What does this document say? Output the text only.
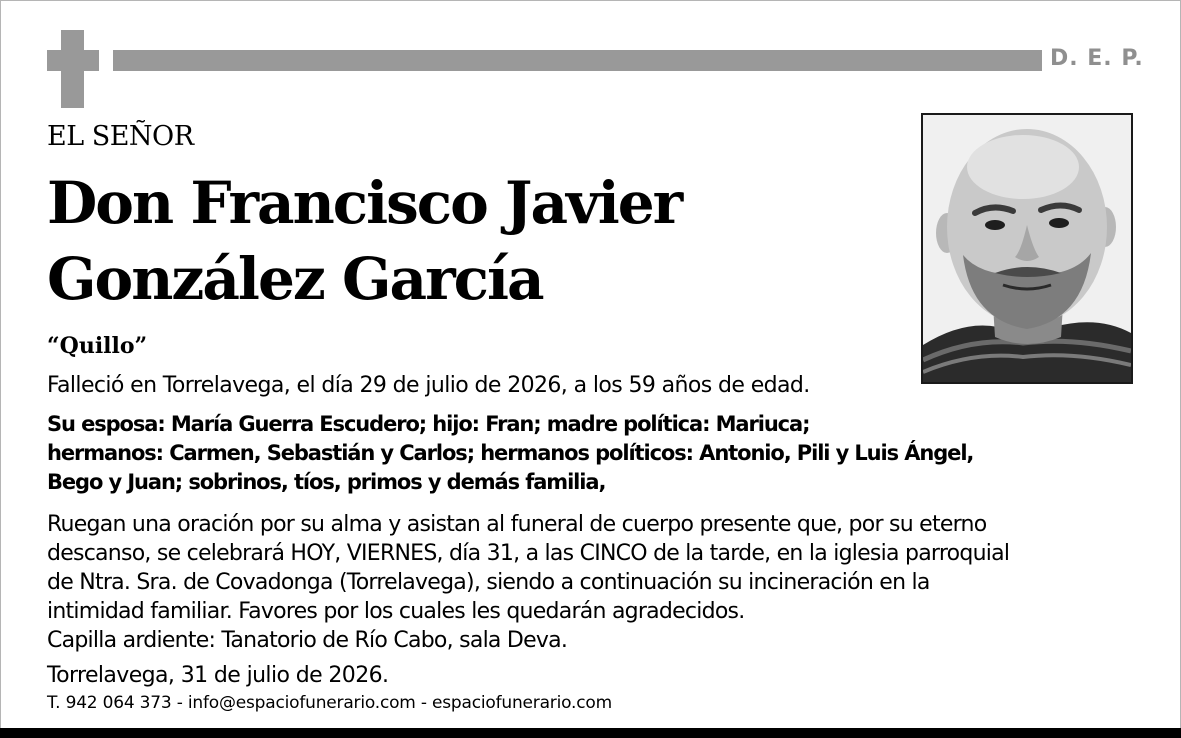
D. E. P.
EL SEÑOR
Don Francisco Javier
González García
“Quillo”
Falleció en Torrelavega, el día 29 de julio de 2026, a los 59 años de edad.
Su esposa: María Guerra Escudero; hijo: Fran; madre política: Mariuca;
hermanos: Carmen, Sebastián y Carlos; hermanos políticos: Antonio, Pili y Luis Ángel,
Bego y Juan; sobrinos, tíos, primos y demás familia,
Ruegan una oración por su alma y asistan al funeral de cuerpo presente que, por su eterno
descanso, se celebrará HOY, VIERNES, día 31, a las CINCO de la tarde, en la iglesia parroquial
de Ntra. Sra. de Covadonga (Torrelavega), siendo a continuación su incineración en la
intimidad familiar. Favores por los cuales les quedarán agradecidos.
Capilla ardiente: Tanatorio de Río Cabo, sala Deva.
Torrelavega, 31 de julio de 2026.
T. 942 064 373 - info@espaciofunerario.com - espaciofunerario.com
